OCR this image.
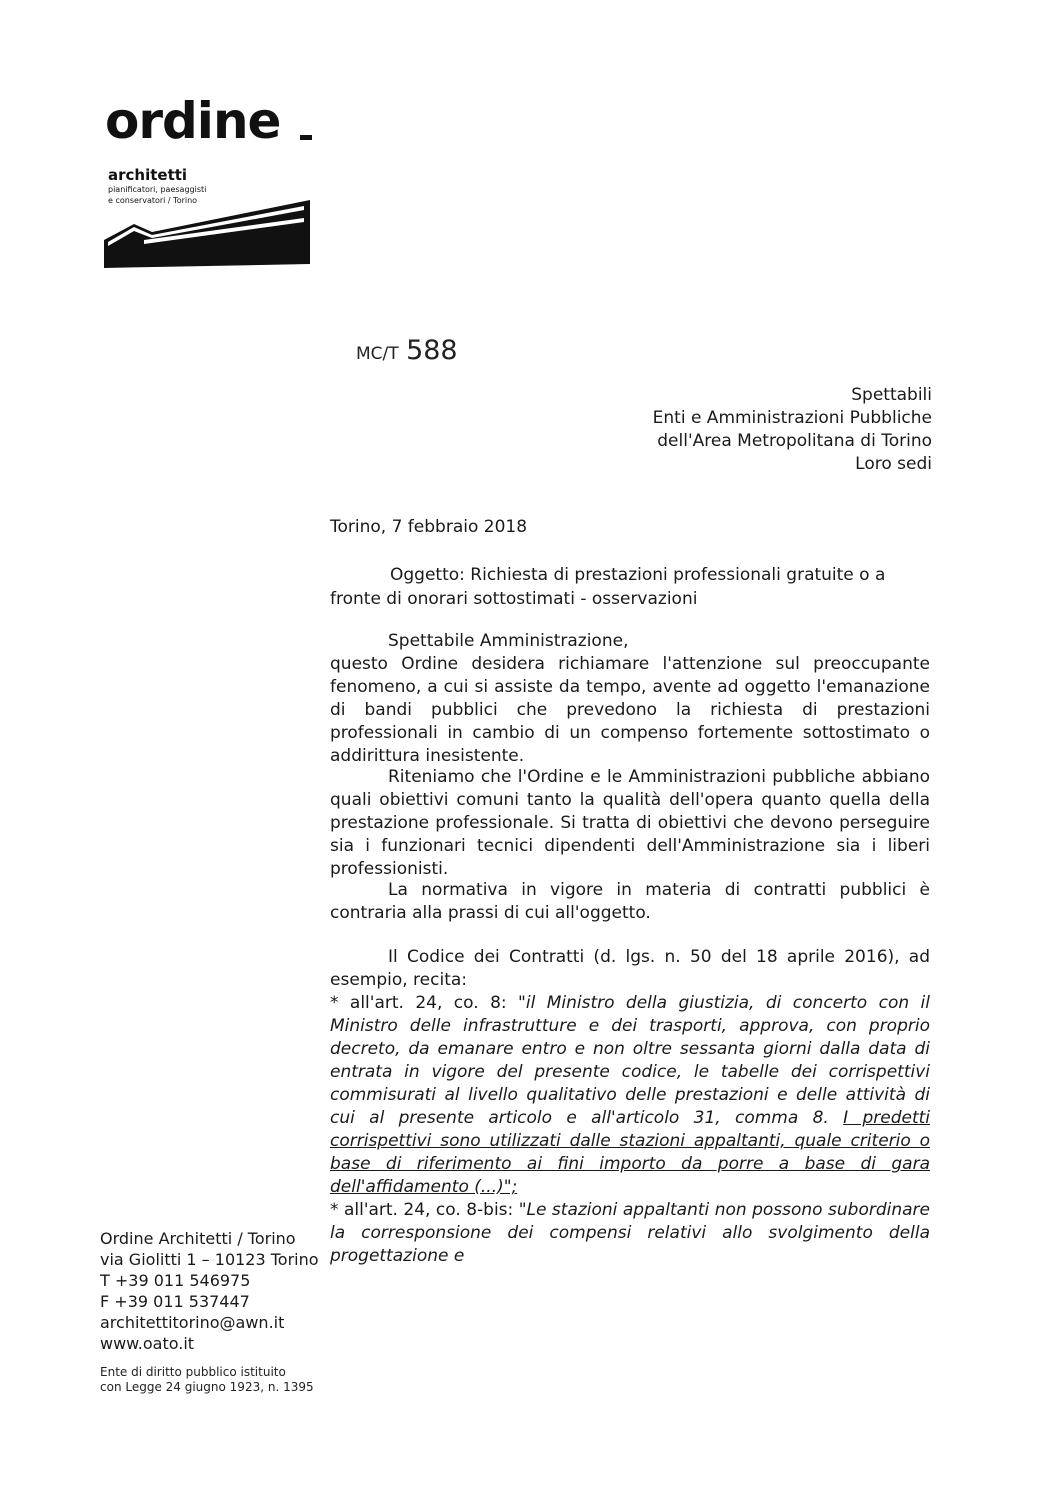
ordine
architetti
pianificatori, paesaggisti
e conservatori / Torino
MC/T 588
Spettabili
Enti e Amministrazioni Pubbliche
dell'Area Metropolitana di Torino
Loro sedi
Torino, 7 febbraio 2018
Oggetto: Richiesta di prestazioni professionali gratuite o a fronte di onorari sottostimati - osservazioni

Spettabile Amministrazione,

questo Ordine desidera richiamare l'attenzione sul preoccupante fenomeno, a cui si assiste da tempo, avente ad oggetto l'emanazione di bandi pubblici che prevedono la richiesta di prestazioni professionali in cambio di un compenso fortemente sottostimato o addirittura inesistente.

Riteniamo che l'Ordine e le Amministrazioni pubbliche abbiano quali obiettivi comuni tanto la qualità dell'opera quanto quella della prestazione professionale. Si tratta di obiettivi che devono perseguire sia i funzionari tecnici dipendenti dell'Amministrazione sia i liberi professionisti.

La normativa in vigore in materia di contratti pubblici è contraria alla prassi di cui all'oggetto.

Il Codice dei Contratti (d. lgs. n. 50 del 18 aprile 2016), ad esempio, recita:

* all'art. 24, co. 8: "il Ministro della giustizia, di concerto con il Ministro delle infrastrutture e dei trasporti, approva, con proprio decreto, da emanare entro e non oltre sessanta giorni dalla data di entrata in vigore del presente codice, le tabelle dei corrispettivi commisurati al livello qualitativo delle prestazioni e delle attività di cui al presente articolo e all'articolo 31, comma 8. I predetti corrispettivi sono utilizzati dalle stazioni appaltanti, quale criterio o base di riferimento ai fini importo da porre a base di gara dell'affidamento (...)";

* all'art. 24, co. 8-bis: "Le stazioni appaltanti non possono subordinare la corresponsione dei compensi relativi allo svolgimento della progettazione e

Ordine Architetti / Torino
via Giolitti 1 – 10123 Torino
T +39 011 546975
F +39 011 537447
architettitorino@awn.it
www.oato.it
Ente di diritto pubblico istituito
con Legge 24 giugno 1923, n. 1395
